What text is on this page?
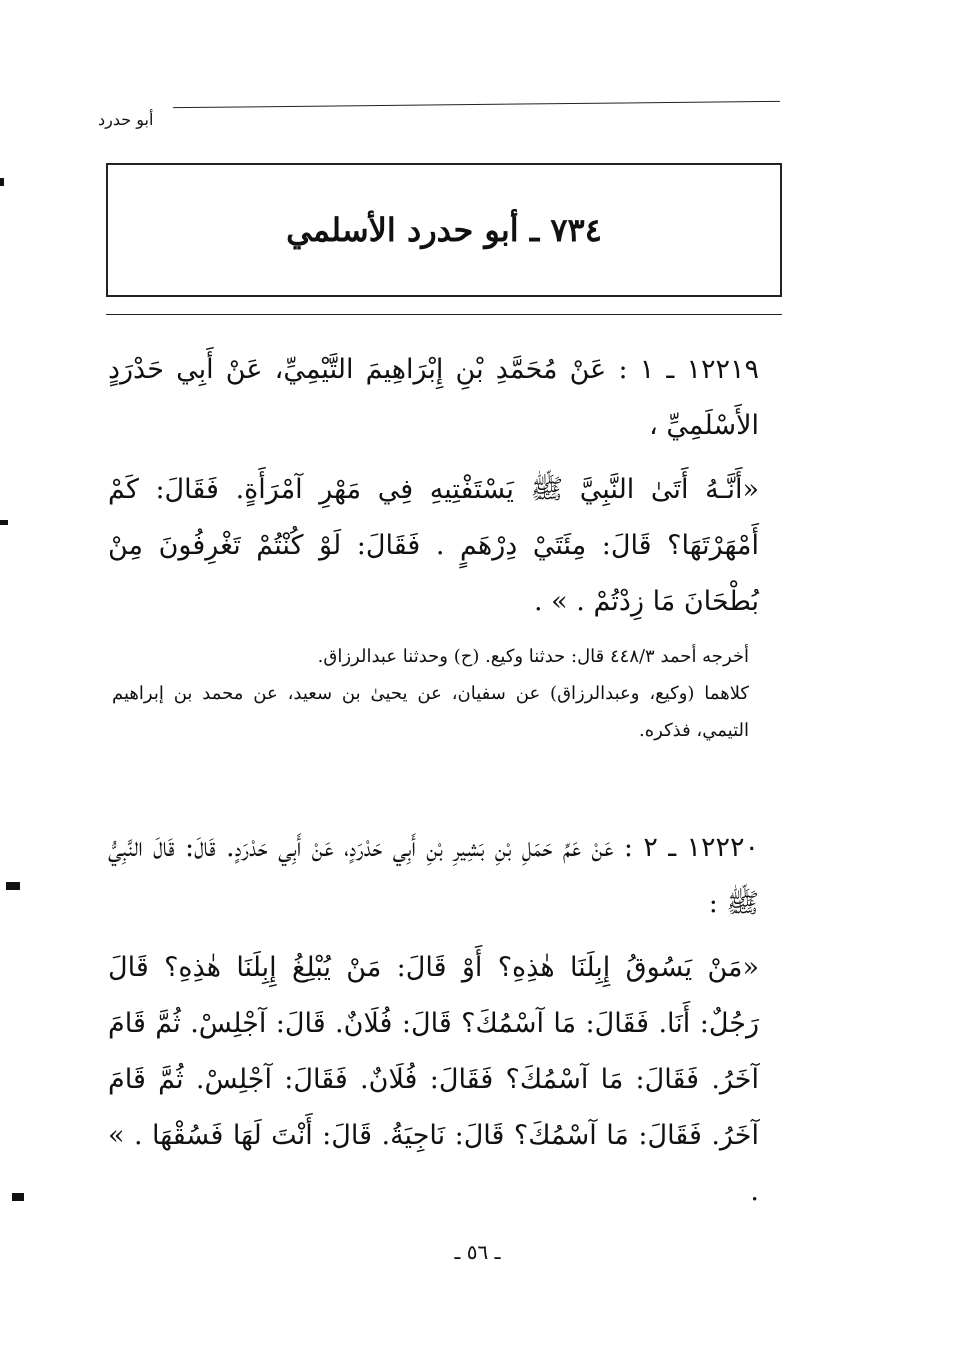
أبو حدرد
٧٣٤ ـ أبو حدرد الأسلمي

١٢٢١٩ ـ ١ : عَنْ مُحَمَّدِ بْنِ إِبْرَاهِيمَ التَّيْمِيِّ، عَنْ أَبِي حَدْرَدٍ الأَسْلَمِيِّ ،

«أَنَّـهُ أَتَىٰ النَّبِيَّ ﷺ يَسْتَفْتِيهِ فِي مَهْرِ آمْرَأَةٍ. فَقَالَ: كَمْ أَمْهَرْتَهَا؟ قَالَ: مِئَتَيْ دِرْهَمٍ . فَقَالَ: لَوْ كُنْتُمْ تَغْرِفُونَ مِنْ بُطْحَانَ مَا زِدْتُمْ . » .

أخرجه أحمد ٤٤٨/٣ قال: حدثنا وكيع. (ح) وحدثنا عبدالرزاق.

كلاهما (وكيع، وعبدالرزاق) عن سفيان، عن يحيىٰ بن سعيد، عن محمد بن إبراهيم التيمي، فذكره.

١٢٢٢٠ ـ ٢ : عَنْ عَمِّ حَمَلِ بْنِ بَشِيرِ بْنِ أَبِي حَدْرَدٍ، عَنْ أَبِي حَدْرَدٍ. قَالَ: قَالَ النَّبِيُّ ﷺ :

«مَنْ يَسُوقُ إِبِلَنَا هٰذِهِ؟ أَوْ قَالَ: مَنْ يُبْلِغُ إِبِلَنَا هٰذِهِ؟ قَالَ رَجُلٌ: أَنَا. فَقَالَ: مَا آسْمُكَ؟ قَالَ: فُلَانٌ. قَالَ: آجْلِسْ. ثُمَّ قَامَ آخَرُ. فَقَالَ: مَا آسْمُكَ؟ فَقَالَ: فُلَانٌ. فَقَالَ: آجْلِسْ. ثُمَّ قَامَ آخَرُ. فَقَالَ: مَا آسْمُكَ؟ قَالَ: نَاجِيَةُ. قَالَ: أَنْتَ لَهَا فَسُقْهَا . » .

ـ ٥٦ ـ
